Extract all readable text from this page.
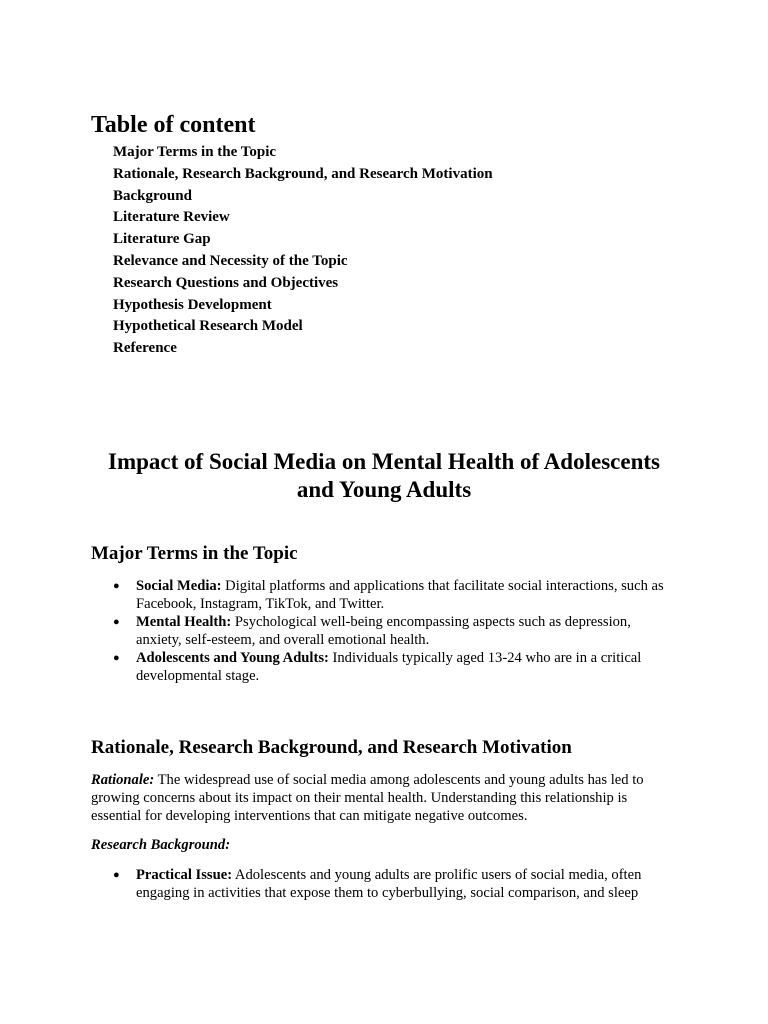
Table of content
Major Terms in the Topic
Rationale, Research Background, and Research Motivation
Background
Literature Review
Literature Gap
Relevance and Necessity of the Topic
Research Questions and Objectives
Hypothesis Development
Hypothetical Research Model
Reference
Impact of Social Media on Mental Health of Adolescents
and Young Adults
Major Terms in the Topic
● Social Media: Digital platforms and applications that facilitate social interactions, such as Facebook, Instagram, TikTok, and Twitter.
● Mental Health: Psychological well-being encompassing aspects such as depression, anxiety, self-esteem, and overall emotional health.
● Adolescents and Young Adults: Individuals typically aged 13-24 who are in a critical developmental stage.
Rationale, Research Background, and Research Motivation

Rationale: The widespread use of social media among adolescents and young adults has led to growing concerns about its impact on their mental health. Understanding this relationship is essential for developing interventions that can mitigate negative outcomes.

Research Background:

● Practical Issue: Adolescents and young adults are prolific users of social media, often engaging in activities that expose them to cyberbullying, social comparison, and sleep
